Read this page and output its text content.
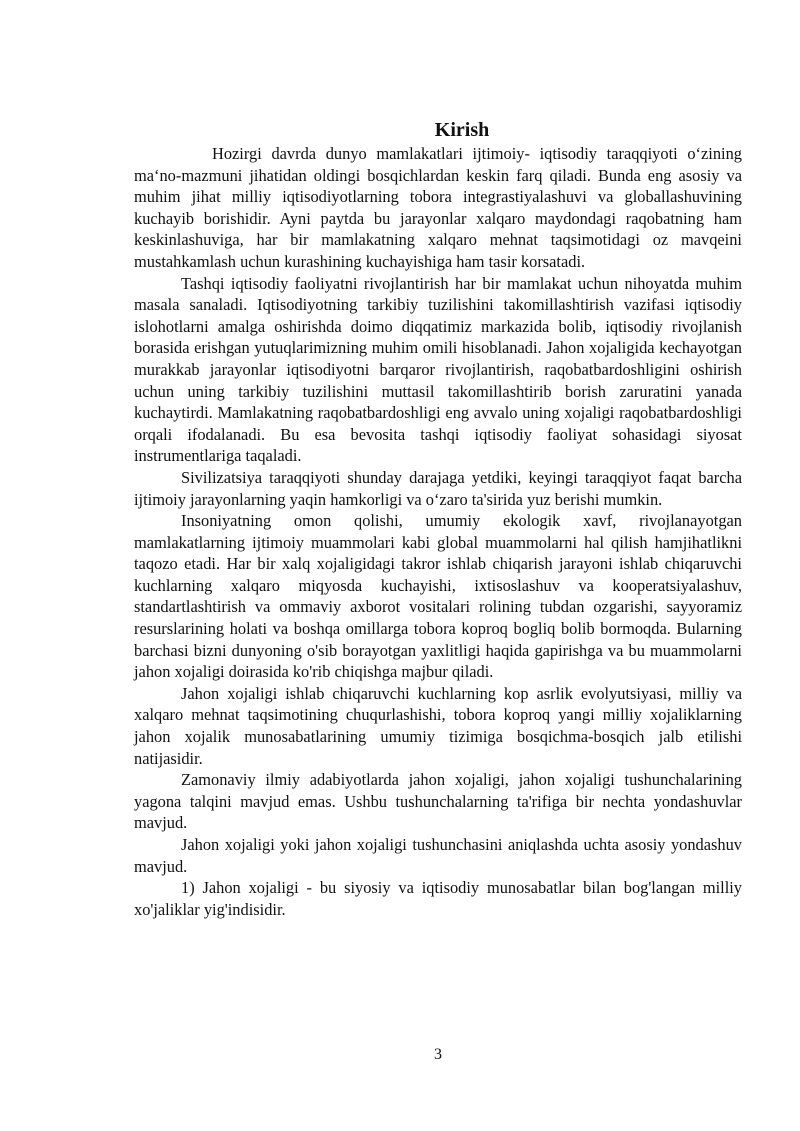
Kirish

Hozirgi davrda dunyo mamlakatlari ijtimoiy- iqtisodiy taraqqiyoti o‘zining ma‘no-mazmuni jihatidan oldingi bosqichlardan keskin farq qiladi. Bunda eng asosiy va muhim jihat milliy iqtisodiyotlarning tobora integrastiyalashuvi va globallashuvining kuchayib borishidir. Ayni paytda bu jarayonlar xalqaro maydondagi raqobatning ham keskinlashuviga, har bir mamlakatning xalqaro mehnat taqsimotidagi oz mavqeini mustahkamlash uchun kurashining kuchayishiga ham tasir korsatadi.

Tashqi iqtisodiy faoliyatni rivojlantirish har bir mamlakat uchun nihoyatda muhim masala sanaladi. Iqtisodiyotning tarkibiy tuzilishini takomillashtirish vazifasi iqtisodiy islohotlarni amalga oshirishda doimo diqqatimiz markazida bolib, iqtisodiy rivojlanish borasida erishgan yutuqlarimizning muhim omili hisoblanadi. Jahon xojaligida kechayotgan murakkab jarayonlar iqtisodiyotni barqaror rivojlantirish, raqobatbardoshligini oshirish uchun uning tarkibiy tuzilishini muttasil takomillashtirib borish zaruratini yanada kuchaytirdi. Mamlakatning raqobatbardoshligi eng avvalo uning xojaligi raqobatbardoshligi orqali ifodalanadi. Bu esa bevosita tashqi iqtisodiy faoliyat sohasidagi siyosat instrumentlariga taqaladi.

Sivilizatsiya taraqqiyoti shunday darajaga yetdiki, keyingi taraqqiyot faqat barcha ijtimoiy jarayonlarning yaqin hamkorligi va o‘zaro ta'sirida yuz berishi mumkin.

Insoniyatning omon qolishi, umumiy ekologik xavf, rivojlanayotgan mamlakatlarning ijtimoiy muammolari kabi global muammolarni hal qilish hamjihatlikni taqozo etadi. Har bir xalq xojaligidagi takror ishlab chiqarish jarayoni ishlab chiqaruvchi kuchlarning xalqaro miqyosda kuchayishi, ixtisoslashuv va kooperatsiyalashuv, standartlashtirish va ommaviy axborot vositalari rolining tubdan ozgarishi, sayyoramiz resurslarining holati va boshqa omillarga tobora koproq bogliq bolib bormoqda. Bularning barchasi bizni dunyoning o'sib borayotgan yaxlitligi haqida gapirishga va bu muammolarni jahon xojaligi doirasida ko'rib chiqishga majbur qiladi.

Jahon xojaligi ishlab chiqaruvchi kuchlarning kop asrlik evolyutsiyasi, milliy va xalqaro mehnat taqsimotining chuqurlashishi, tobora koproq yangi milliy xojaliklarning jahon xojalik munosabatlarining umumiy tizimiga bosqichma-bosqich jalb etilishi natijasidir.

Zamonaviy ilmiy adabiyotlarda jahon xojaligi, jahon xojaligi tushunchalarining yagona talqini mavjud emas. Ushbu tushunchalarning ta'rifiga bir nechta yondashuvlar mavjud.

Jahon xojaligi yoki jahon xojaligi tushunchasini aniqlashda uchta asosiy yondashuv mavjud.

1) Jahon xojaligi - bu siyosiy va iqtisodiy munosabatlar bilan bog'langan milliy xo'jaliklar yig'indisidir.

3
